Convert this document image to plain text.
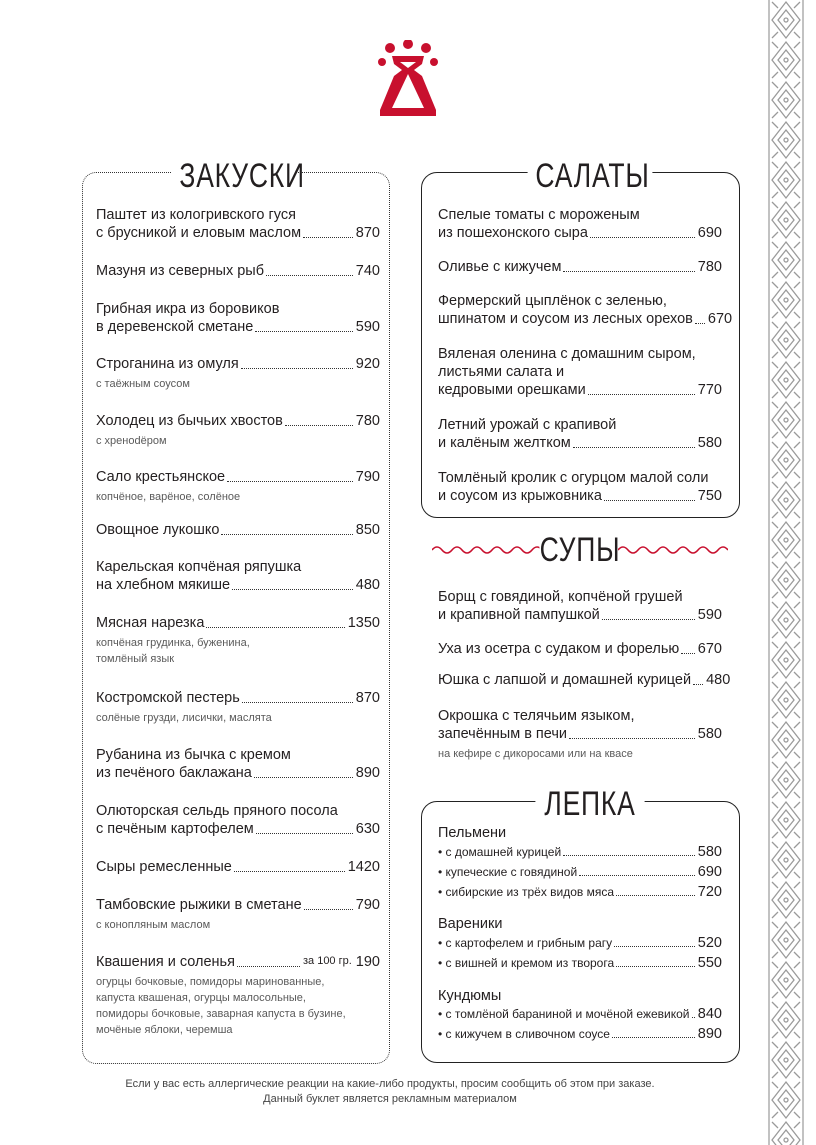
ЗАКУСКИ	САЛАТЫ
СУПЫ
ЛЕПКА
Если у вас есть аллергические реакции на какие-либо продукты, просим сообщить об этом при заказе.
Данный буклет является рекламным материалом
Паштет из кологривского гуся
с брусникой и еловым маслом	870
Мазуня из северных рыб	740
Грибная икра из боровиков
в деревенской сметане	590
Строганина из омуля	920
с таёжным соусом
Холодец из бычьих хвостов	780
с хреноdёром
Сало крестьянское	790
копчёное, варёное, солёное
Овощное лукошко	850
Карельская копчёная ряпушка
на хлебном мякише	480
Мясная нарезка	1350
копчёная грудинка, буженина,
томлёный язык
Костромской пестерь	870
солёные грузди, лисички, маслята
Рубанина из бычка с кремом
из печёного баклажана	890
Олюторская сельдь пряного посола
с печёным картофелем	630
Сыры ремесленные	1420
Тамбовские рыжики в сметане	790
с конопляным маслом
Квашения и соленья	за 100 гр. 190
огурцы бочковые, помидоры маринованные,
капуста квашеная, огурцы малосольные,
помидоры бочковые, заварная капуста в бузине,
мочёные яблоки, черемша
Спелые томаты с мороженым
из пошехонского сыра	690
Оливье с кижучем	780
Фермерский цыплёнок с зеленью,
шпинатом и соусом из лесных орехов 670
Вяленая оленина с домашним сыром,
листьями салата и
кедровыми орешками	770
Летний урожай с крапивой
и калёным желтком	580
Томлёный кролик с огурцом малой соли
и соусом из крыжовника	750
Борщ с говядиной, копчёной грушей
и крапивной пампушкой	590
Уха из осетра с судаком и форелью 670
Юшка с лапшой и домашней курицей 480
Окрошка с телячьим языком,
запечённым в печи	580
на кефире с дикоросами или на квасе
Пельмени
• с домашней курицей	580
• купеческие с говядиной	690
• сибирские из трёх видов мяса	720
Вареники
• с картофелем и грибным рагу	520
• с вишней и кремом из творога	550
Кундюмы
• с томлёной бараниной и мочёной ежевикой 840
• с кижучем в сливочном соусе	890
